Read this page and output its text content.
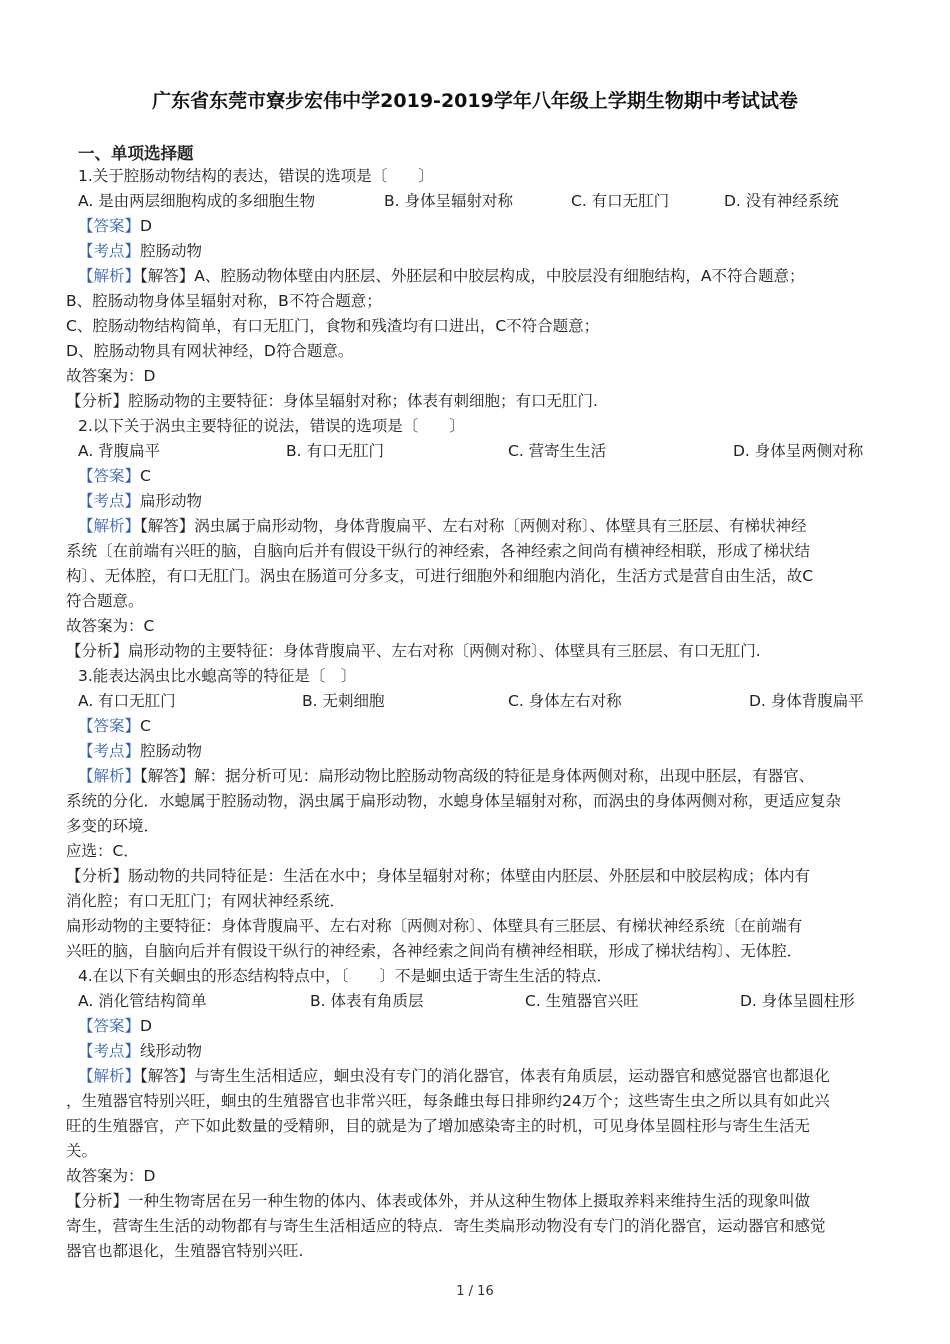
广东省东莞市寮步宏伟中学2019-2019学年八年级上学期生物期中考试试卷
一、单项选择题
1.关于腔肠动物结构的表达，错误的选项是〔　　〕
A. 是由两层细胞构成的多细胞生物	B. 身体呈辐射对称	C. 有口无肛门	D. 没有神经系统
【答案】D
【考点】腔肠动物
【解析】【解答】A、腔肠动物体壁由内胚层、外胚层和中胶层构成，中胶层没有细胞结构，A不符合题意；
B、腔肠动物身体呈辐射对称，B不符合题意；
C、腔肠动物结构简单，有口无肛门，食物和残渣均有口进出，C不符合题意；
D、腔肠动物具有网状神经，D符合题意。
故答案为：D
【分析】腔肠动物的主要特征：身体呈辐射对称；体表有刺细胞；有口无肛门.
2.以下关于涡虫主要特征的说法，错误的选项是〔　　〕
A. 背腹扁平	B. 有口无肛门	C. 营寄生生活	D. 身体呈两侧对称
【答案】C
【考点】扁形动物
【解析】【解答】涡虫属于扁形动物，身体背腹扁平、左右对称〔两侧对称〕、体壁具有三胚层、有梯状神经
系统〔在前端有兴旺的脑，自脑向后并有假设干纵行的神经索，各神经索之间尚有横神经相联，形成了梯状结
构〕、无体腔，有口无肛门。涡虫在肠道可分多支，可进行细胞外和细胞内消化，生活方式是营自由生活，故C
符合题意。
故答案为：C
【分析】扁形动物的主要特征：身体背腹扁平、左右对称〔两侧对称〕、体壁具有三胚层、有口无肛门.
3.能表达涡虫比水螅高等的特征是〔　〕
A. 有口无肛门	B. 无刺细胞	C. 身体左右对称	D. 身体背腹扁平
【答案】C
【考点】腔肠动物
【解析】【解答】解：据分析可见：扁形动物比腔肠动物高级的特征是身体两侧对称，出现中胚层，有器官、
系统的分化．水螅属于腔肠动物，涡虫属于扁形动物，水螅身体呈辐射对称，而涡虫的身体两侧对称，更适应复杂
多变的环境．
应选：C．
【分析】肠动物的共同特征是：生活在水中；身体呈辐射对称；体壁由内胚层、外胚层和中胶层构成；体内有
消化腔；有口无肛门；有网状神经系统．
扁形动物的主要特征：身体背腹扁平、左右对称〔两侧对称〕、体壁具有三胚层、有梯状神经系统〔在前端有
兴旺的脑，自脑向后并有假设干纵行的神经索，各神经索之间尚有横神经相联，形成了梯状结构〕、无体腔．
4.在以下有关蛔虫的形态结构特点中，〔　　〕不是蛔虫适于寄生生活的特点．
A. 消化管结构简单	B. 体表有角质层	C. 生殖器官兴旺	D. 身体呈圆柱形
【答案】D
【考点】线形动物
【解析】【解答】与寄生生活相适应，蛔虫没有专门的消化器官，体表有角质层，运动器官和感觉器官也都退化
，生殖器官特别兴旺，蛔虫的生殖器官也非常兴旺，每条雌虫每日排卵约24万个；这些寄生虫之所以具有如此兴
旺的生殖器官，产下如此数量的受精卵，目的就是为了增加感染寄主的时机，可见身体呈圆柱形与寄生生活无
关。
故答案为：D
【分析】一种生物寄居在另一种生物的体内、体表或体外，并从这种生物体上摄取养料来维持生活的现象叫做
寄生，营寄生生活的动物都有与寄生生活相适应的特点．寄生类扁形动物没有专门的消化器官，运动器官和感觉
器官也都退化，生殖器官特别兴旺.
1 / 16
